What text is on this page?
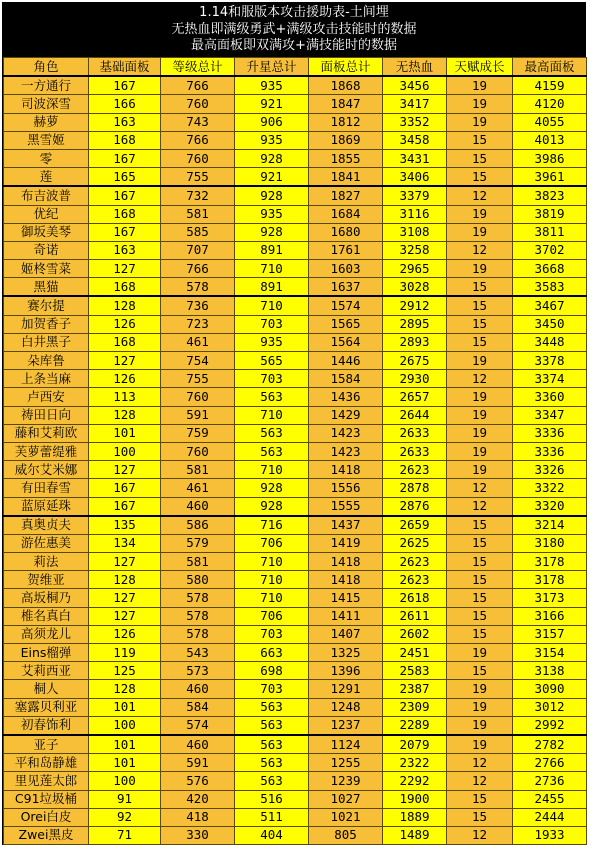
1.14和服版本攻击援助表-土间埋
无热血即满级勇武+满级攻击技能时的数据
最高面板即双满攻+满技能时的数据
角色	基础面板	等级总计	升星总计	面板总计	无热血	天赋成长	最高面板
一方通行	167	766	935	1868	3456	19	4159
司波深雪	166	760	921	1847	3417	19	4120
赫萝	163	743	906	1812	3352	19	4055
黑雪姬	168	766	935	1869	3458	15	4013
零	167	760	928	1855	3431	15	3986
莲	165	755	921	1841	3406	15	3961
布吉波普	167	732	928	1827	3379	12	3823
优纪	168	581	935	1684	3116	19	3819
御坂美琴	167	585	928	1680	3108	19	3811
奇诺	163	707	891	1761	3258	12	3702
姬柊雪菜	127	766	710	1603	2965	19	3668
黑猫	168	578	891	1637	3028	15	3583
赛尔提	128	736	710	1574	2912	15	3467
加贺香子	126	723	703	1565	2895	15	3450
白井黑子	168	461	935	1564	2893	15	3448
朵库鲁	127	754	565	1446	2675	19	3378
上条当麻	126	755	703	1584	2930	12	3374
卢西安	113	760	563	1436	2657	19	3360
祷田日向	128	591	710	1429	2644	19	3347
藤和艾莉欧	101	759	563	1423	2633	19	3336
芙萝蕾缇雅	100	760	563	1423	2633	19	3336
威尔艾米娜	127	581	710	1418	2623	19	3326
有田春雪	167	461	928	1556	2878	12	3322
蓝原延珠	167	460	928	1555	2876	12	3320
真奥贞夫	135	586	716	1437	2659	15	3214
游佐惠美	134	579	706	1419	2625	15	3180
莉法	127	581	710	1418	2623	15	3178
贺维亚	128	580	710	1418	2623	15	3178
高坂桐乃	127	578	710	1415	2618	15	3173
椎名真白	127	578	706	1411	2611	15	3166
高须龙儿	126	578	703	1407	2602	15	3157
Eins榴弹	119	543	663	1325	2451	19	3154
艾莉西亚	125	573	698	1396	2583	15	3138
桐人	128	460	703	1291	2387	19	3090
塞露贝利亚	101	584	563	1248	2309	19	3012
初春饰利	100	574	563	1237	2289	19	2992
亚子	101	460	563	1124	2079	19	2782
平和岛静雄	101	591	563	1255	2322	12	2766
里见莲太郎	100	576	563	1239	2292	12	2736
C91垃圾桶	91	420	516	1027	1900	15	2455
Orei白皮	92	418	511	1021	1889	15	2444
Zwei黑皮	71	330	404	805	1489	12	1933
